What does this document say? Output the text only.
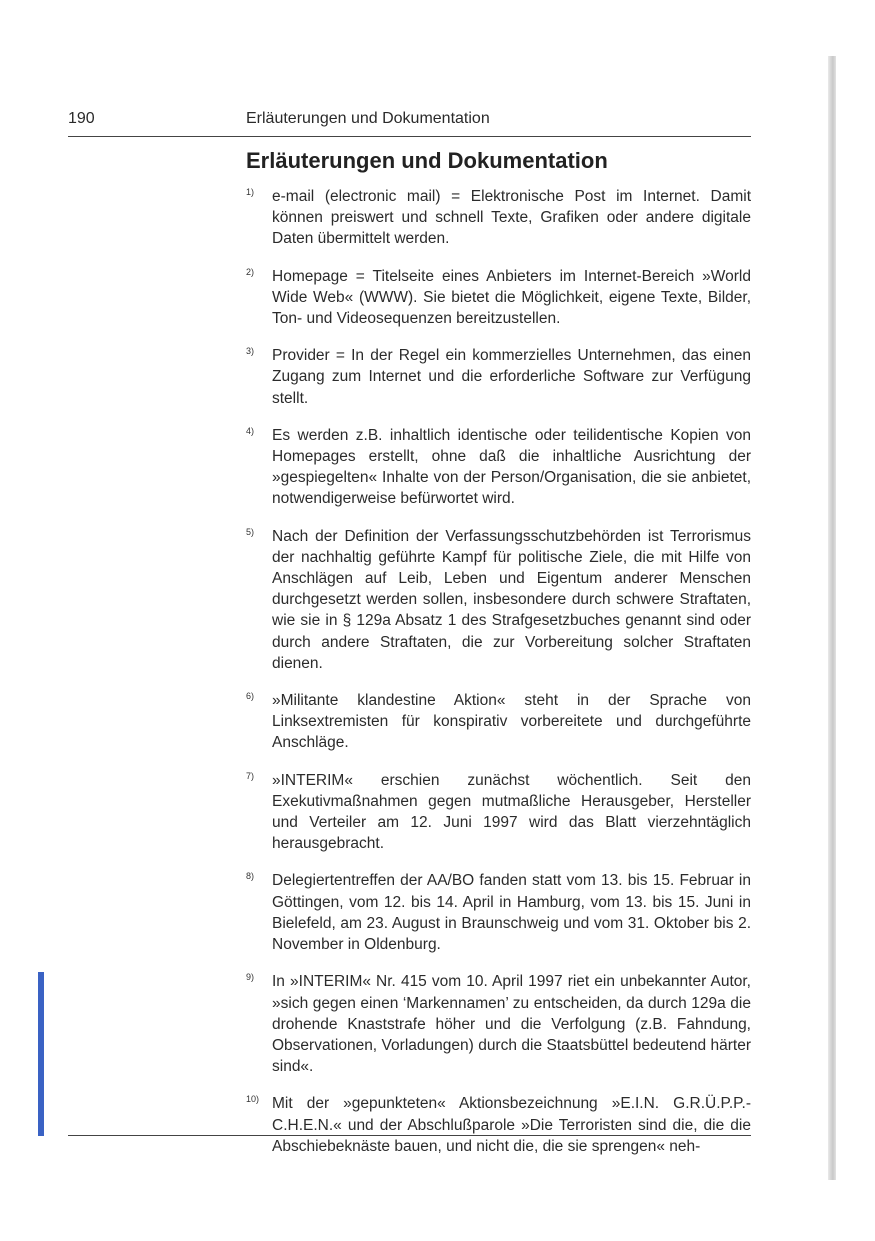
190	Erläuterungen und Dokumentation
Erläuterungen und Dokumentation
1) e-mail (electronic mail) = Elektronische Post im Internet. Damit können preiswert und schnell Texte, Grafiken oder andere digitale Daten übermittelt werden.
2) Homepage = Titelseite eines Anbieters im Internet-Bereich »World Wide Web« (WWW). Sie bietet die Möglichkeit, eigene Texte, Bilder, Ton- und Videosequenzen bereitzustellen.
3) Provider = In der Regel ein kommerzielles Unternehmen, das einen Zugang zum Internet und die erforderliche Software zur Verfügung stellt.
4) Es werden z.B. inhaltlich identische oder teilidentische Kopien von Homepages erstellt, ohne daß die inhaltliche Ausrichtung der »gespiegelten« Inhalte von der Person/Organisation, die sie anbietet, notwendigerweise befürwortet wird.
5) Nach der Definition der Verfassungsschutzbehörden ist Terrorismus der nachhaltig geführte Kampf für politische Ziele, die mit Hilfe von Anschlägen auf Leib, Leben und Eigentum anderer Menschen durchgesetzt werden sollen, insbesondere durch schwere Straftaten, wie sie in § 129a Absatz 1 des Strafgesetzbuches genannt sind oder durch andere Straftaten, die zur Vorbereitung solcher Straftaten dienen.
6) »Militante klandestine Aktion« steht in der Sprache von Linksextremisten für konspirativ vorbereitete und durchgeführte Anschläge.
7) »INTERIM« erschien zunächst wöchentlich. Seit den Exekutivmaßnahmen gegen mutmaßliche Herausgeber, Hersteller und Verteiler am 12. Juni 1997 wird das Blatt vierzehntäglich herausgebracht.
8) Delegiertentreffen der AA/BO fanden statt vom 13. bis 15. Februar in Göttingen, vom 12. bis 14. April in Hamburg, vom 13. bis 15. Juni in Bielefeld, am 23. August in Braunschweig und vom 31. Oktober bis 2. November in Oldenburg.
9) In »INTERIM« Nr. 415 vom 10. April 1997 riet ein unbekannter Autor, »sich gegen einen ‘Markennamen’ zu entscheiden, da durch 129a die drohende Knaststrafe höher und die Verfolgung (z.B. Fahndung, Observationen, Vorladungen) durch die Staatsbüttel bedeutend härter sind«.
10) Mit der »gepunkteten« Aktionsbezeichnung »E.I.N. G.R.Ü.P.P.-C.H.E.N.« und der Abschlußparole »Die Terroristen sind die, die die Abschiebeknäste bauen, und nicht die, die sie sprengen« neh-
